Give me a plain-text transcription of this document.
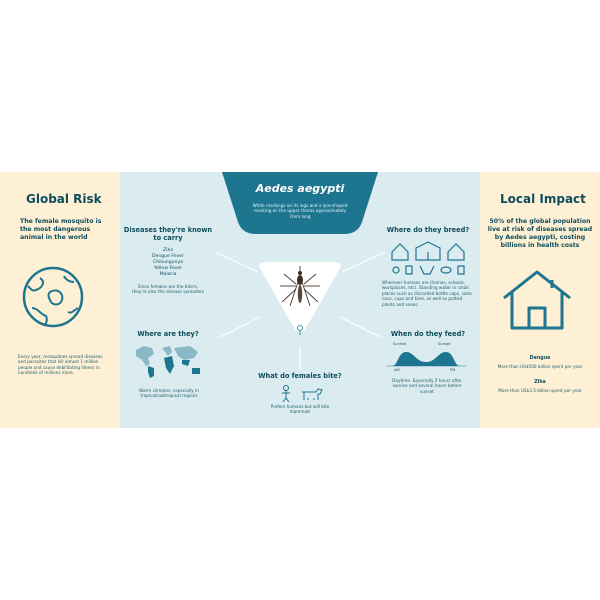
Global Risk
The female mosquito is the most dangerous animal in the world
Every year, mosquitoes spread diseases and parasites that kill almost 1 million people and cause debilitating illness in hundreds of millions more.
Diseases they're known to carry
Zika
Dengue Fever
Chikungunya
Yellow Fever
Malaria
Since females are the biters, they're also the disease spreaders
Where are they?
Warm climates, especially in tropical/subtropical regions
Where do they breed?
Wherever humans are (homes, schools, workplaces, etc). Standing water in small places such as discarded bottle caps, soda cans, cups and tires, as well as potted plants and vases.
When do they feed?
Sunrise	Sunset
AM	PM
Daytime. Especially 2 hours after sunrise and several hours before sunset
What do females bite?
Prefers humans but will bite mammals
Local Impact
50% of the global population live at risk of diseases spread by Aedes aegypti, costing billions in health costs
Dengue
More than US$500 billion spent per year
Zika
More than US$3.5 billion spent per year
Aedes aegypti
White markings on its legs and a lyre-shaped marking on the upper thorax approximately 7mm long
